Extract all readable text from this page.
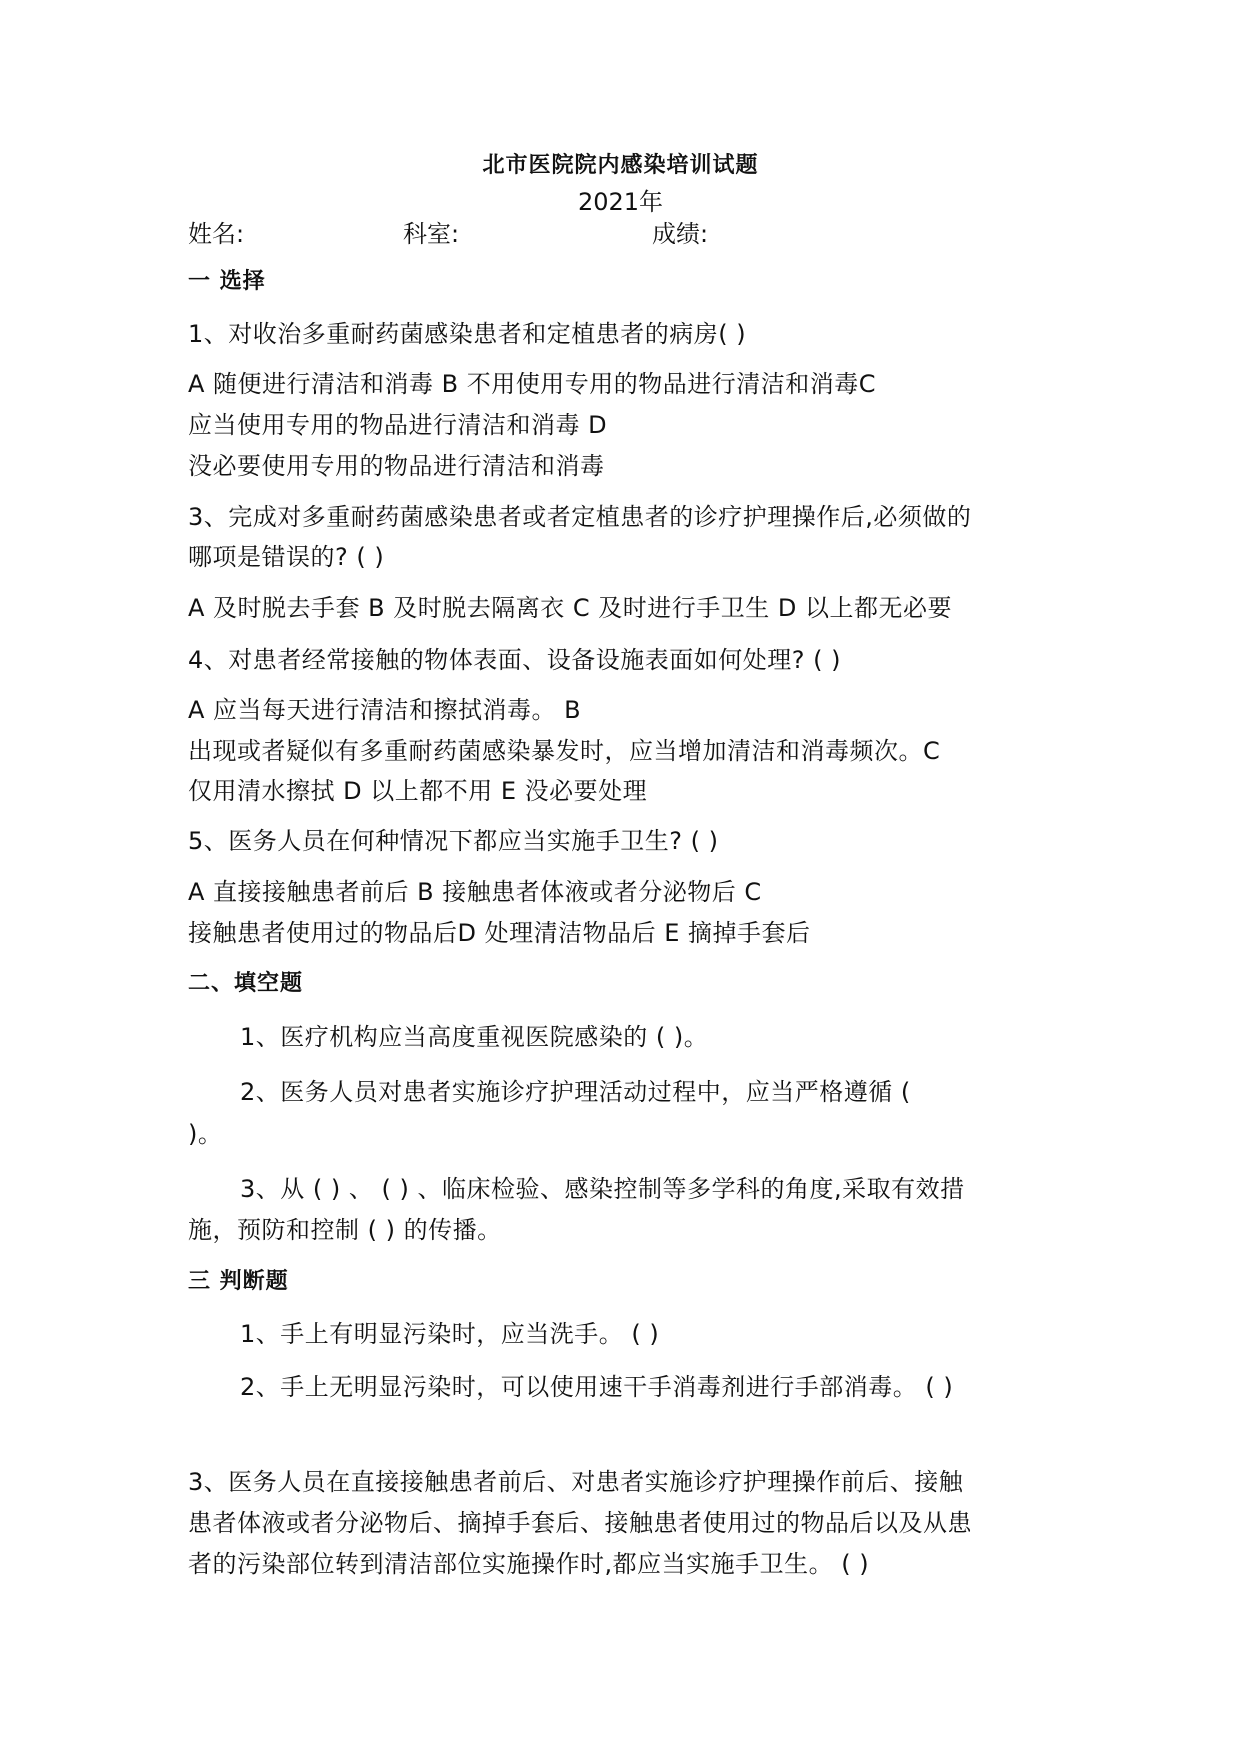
北市医院院内感染培训试题
2021年
姓名:	科室:	成绩:
一 选择
1、对收治多重耐药菌感染患者和定植患者的病房( )
A 随便进行清洁和消毒 B 不用使用专用的物品进行清洁和消毒C
应当使用专用的物品进行清洁和消毒 D
没必要使用专用的物品进行清洁和消毒
3、完成对多重耐药菌感染患者或者定植患者的诊疗护理操作后,必须做的
哪项是错误的? ( )
A 及时脱去手套 B 及时脱去隔离衣 C 及时进行手卫生 D 以上都无必要
4、对患者经常接触的物体表面、设备设施表面如何处理? ( )
A 应当每天进行清洁和擦拭消毒。 B
出现或者疑似有多重耐药菌感染暴发时，应当增加清洁和消毒频次。C
仅用清水擦拭 D 以上都不用 E 没必要处理
5、医务人员在何种情况下都应当实施手卫生? ( )
A 直接接触患者前后 B 接触患者体液或者分泌物后 C
接触患者使用过的物品后D 处理清洁物品后 E 摘掉手套后
二、填空题
1、医疗机构应当高度重视医院感染的 ( )。
2、医务人员对患者实施诊疗护理活动过程中，应当严格遵循 (
)。
3、从 ( ) 、 ( ) 、临床检验、感染控制等多学科的角度,采取有效措
施，预防和控制 ( ) 的传播。
三 判断题
1、手上有明显污染时，应当洗手。 ( )
2、手上无明显污染时，可以使用速干手消毒剂进行手部消毒。 ( )
3、医务人员在直接接触患者前后、对患者实施诊疗护理操作前后、接触
患者体液或者分泌物后、摘掉手套后、接触患者使用过的物品后以及从患
者的污染部位转到清洁部位实施操作时,都应当实施手卫生。 ( )
